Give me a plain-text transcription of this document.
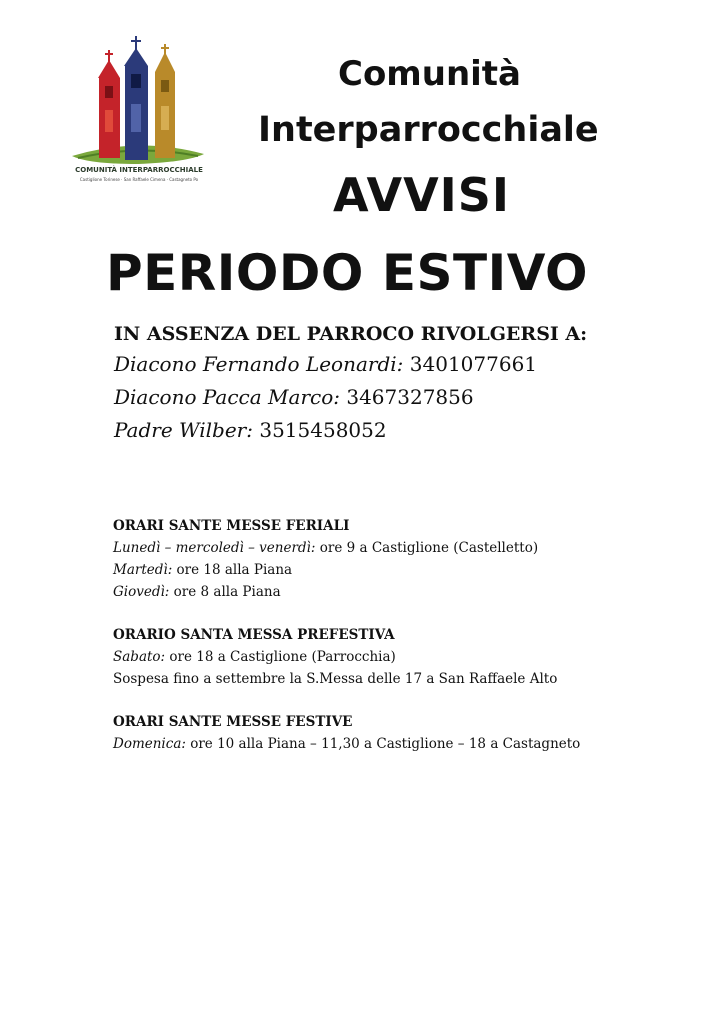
COMUNITÀ INTERPARROCCHIALE
Castiglione Torinese · San Raffaele Cimena · Castagneto Po
Comunità
Interparrocchiale
AVVISI
PERIODO ESTIVO
IN ASSENZA DEL PARROCO RIVOLGERSI A:
Diacono Fernando Leonardi: 3401077661
Diacono Pacca Marco: 3467327856
Padre Wilber: 3515458052
ORARI SANTE MESSE FERIALI
Lunedì – mercoledì – venerdì: ore 9 a Castiglione (Castelletto)
Martedì: ore 18 alla Piana
Giovedì: ore 8 alla Piana
ORARIO SANTA MESSA PREFESTIVA
Sabato: ore 18 a Castiglione (Parrocchia)
Sospesa fino a settembre la S.Messa delle 17 a San Raffaele Alto
ORARI SANTE MESSE FESTIVE
Domenica: ore 10 alla Piana – 11,30 a Castiglione – 18 a Castagneto
